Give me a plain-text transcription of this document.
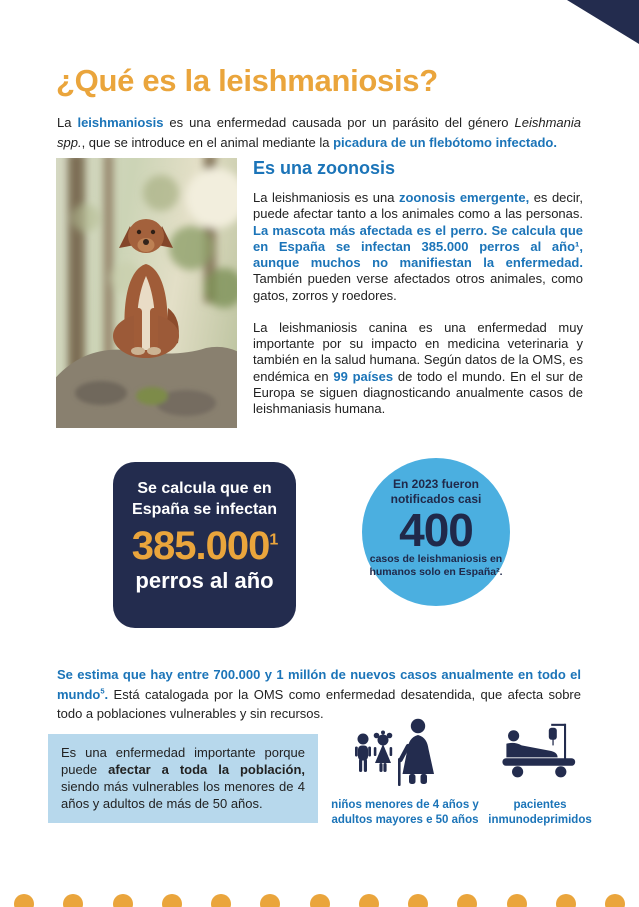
¿Qué es la leishmaniosis?

La leishmaniosis es una enfermedad causada por un parásito del género Leishmania spp., que se introduce en el animal mediante la picadura de un flebótomo infectado.

Es una zoonosis

La leishmaniosis es una zoonosis emergente, es decir, puede afectar tanto a los animales como a las personas. La mascota más afectada es el perro. Se calcula que en España se infectan 385.000 perros al año¹, aunque muchos no manifiestan la enfermedad. También pueden verse afectados otros animales, como gatos, zorros y roedores.

La leishmaniosis canina es una enfermedad muy importante por su impacto en medicina veterinaria y también en la salud humana. Según datos de la OMS, es endémica en 99 países de todo el mundo. En el sur de Europa se siguen diagnosticando anualmente casos de leishmaniasis humana.

Se calcula que en
España se infectan
385.000$^1$
perros al año
En 2023 fueron
notificados casi
400
casos de leishmaniosis en
humanos solo en España².

Se estima que hay entre 700.000 y 1 millón de nuevos casos anualmente en todo el mundo$^5$. Está catalogada por la OMS como enfermedad desatendida, que afecta sobre todo a poblaciones vulnerables y sin recursos.

Es una enfermedad importante porque puede afectar a toda la población, siendo más vulnerables los menores de 4 años y adultos de más de 50 años.	niños menores de 4 años y
adultos mayores e 50 años
pacientes
inmunodeprimidos
